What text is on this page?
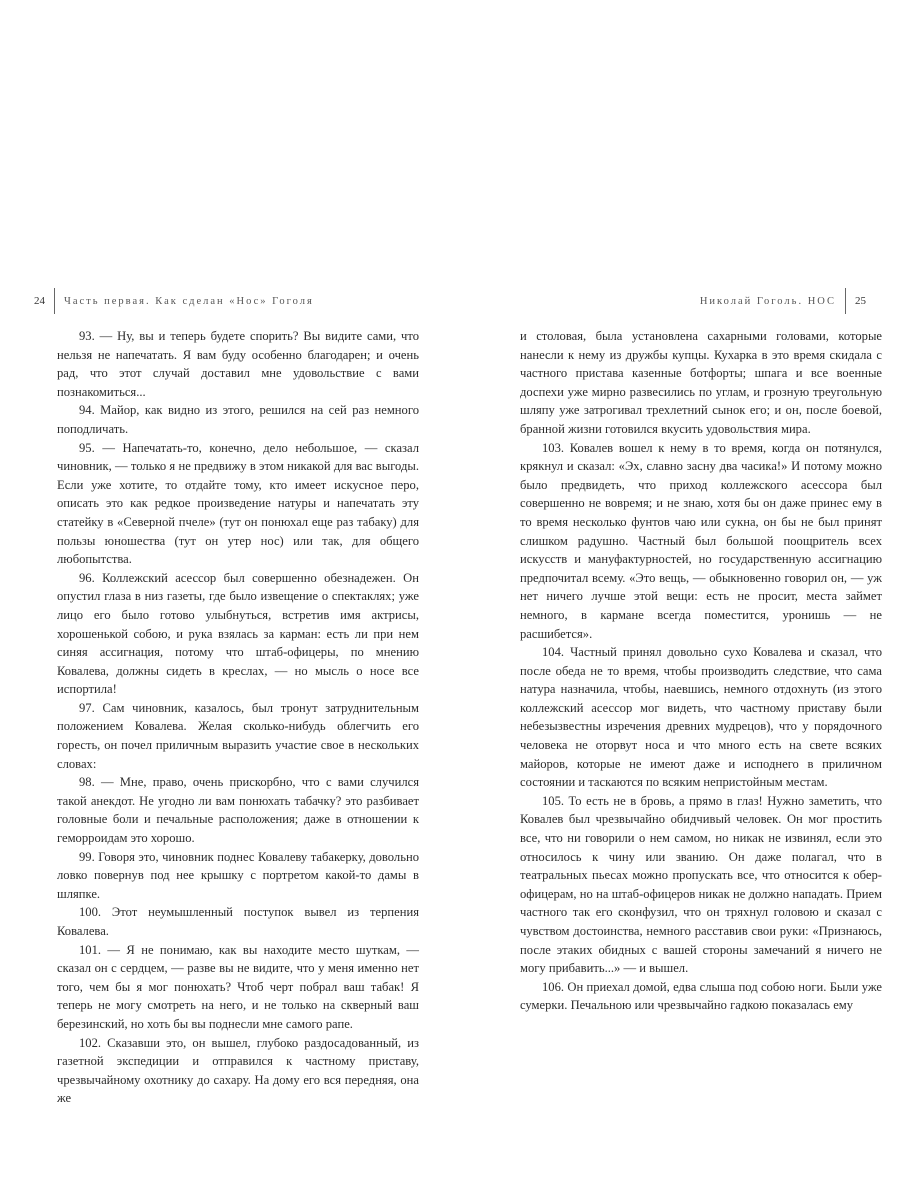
24 Часть первая. Как сделан «Нос» Гоголя

93. — Ну, вы и теперь будете спорить? Вы видите сами, что нельзя не напечатать. Я вам буду особенно благодарен; и очень рад, что этот случай доставил мне удовольствие с вами познакомиться...

94. Майор, как видно из этого, решился на сей раз немного поподличать.

95. — Напечатать-то, конечно, дело небольшое, — сказал чиновник, — только я не предвижу в этом никакой для вас выгоды. Если уже хотите, то отдайте тому, кто имеет искусное перо, описать это как редкое произведение натуры и напечатать эту статейку в «Северной пчеле» (тут он понюхал еще раз табаку) для пользы юношества (тут он утер нос) или так, для общего любопытства.

96. Коллежский асессор был совершенно обезнадежен. Он опустил глаза в низ газеты, где было извещение о спектаклях; уже лицо его было готово улыбнуться, встретив имя актрисы, хорошенькой собою, и рука взялась за карман: есть ли при нем синяя ассигнация, потому что штаб-офицеры, по мнению Ковалева, должны сидеть в креслах, — но мысль о носе все испортила!

97. Сам чиновник, казалось, был тронут затруднительным положением Ковалева. Желая сколько-нибудь облегчить его горесть, он почел приличным выразить участие свое в нескольких словах:

98. — Мне, право, очень прискорбно, что с вами случился такой анекдот. Не угодно ли вам понюхать табачку? это разбивает головные боли и печальные расположения; даже в отношении к геморроидам это хорошо.

99. Говоря это, чиновник поднес Ковалеву табакерку, довольно ловко повернув под нее крышку с портретом какой-то дамы в шляпке.

100. Этот неумышленный поступок вывел из терпения Ковалева.

101. — Я не понимаю, как вы находите место шуткам, — сказал он с сердцем, — разве вы не видите, что у меня именно нет того, чем бы я мог понюхать? Чтоб черт побрал ваш табак! Я теперь не могу смотреть на него, и не только на скверный ваш березинский, но хоть бы вы поднесли мне самого рапе.

102. Сказавши это, он вышел, глубоко раздосадованный, из газетной экспедиции и отправился к частному приставу, чрезвычайному охотнику до сахару. На дому его вся передняя, она же

Николай Гоголь. НОС 25

и столовая, была установлена сахарными головами, которые нанесли к нему из дружбы купцы. Кухарка в это время скидала с частного пристава казенные ботфорты; шпага и все военные доспехи уже мирно развесились по углам, и грозную треугольную шляпу уже затрогивал трехлетний сынок его; и он, после боевой, бранной жизни готовился вкусить удовольствия мира.

103. Ковалев вошел к нему в то время, когда он потянулся, крякнул и сказал: «Эх, славно засну два часика!» И потому можно было предвидеть, что приход коллежского асессора был совершенно не вовремя; и не знаю, хотя бы он даже принес ему в то время несколько фунтов чаю или сукна, он бы не был принят слишком радушно. Частный был большой поощритель всех искусств и мануфактурностей, но государственную ассигнацию предпочитал всему. «Это вещь, — обыкновенно говорил он, — уж нет ничего лучше этой вещи: есть не просит, места займет немного, в кармане всегда поместится, уронишь — не расшибется».

104. Частный принял довольно сухо Ковалева и сказал, что после обеда не то время, чтобы производить следствие, что сама натура назначила, чтобы, наевшись, немного отдохнуть (из этого коллежский асессор мог видеть, что частному приставу были небезызвестны изречения древних мудрецов), что у порядочного человека не оторвут носа и что много есть на свете всяких майоров, которые не имеют даже и исподнего в приличном состоянии и таскаются по всяким непристойным местам.

105. То есть не в бровь, а прямо в глаз! Нужно заметить, что Ковалев был чрезвычайно обидчивый человек. Он мог простить все, что ни говорили о нем самом, но никак не извинял, если это относилось к чину или званию. Он даже полагал, что в театральных пьесах можно пропускать все, что относится к обер-офицерам, но на штаб-офицеров никак не должно нападать. Прием частного так его сконфузил, что он тряхнул головою и сказал с чувством достоинства, немного расставив свои руки: «Признаюсь, после этаких обидных с вашей стороны замечаний я ничего не могу прибавить...» — и вышел.

106. Он приехал домой, едва слыша под собою ноги. Были уже сумерки. Печальною или чрезвычайно гадкою показалась ему
